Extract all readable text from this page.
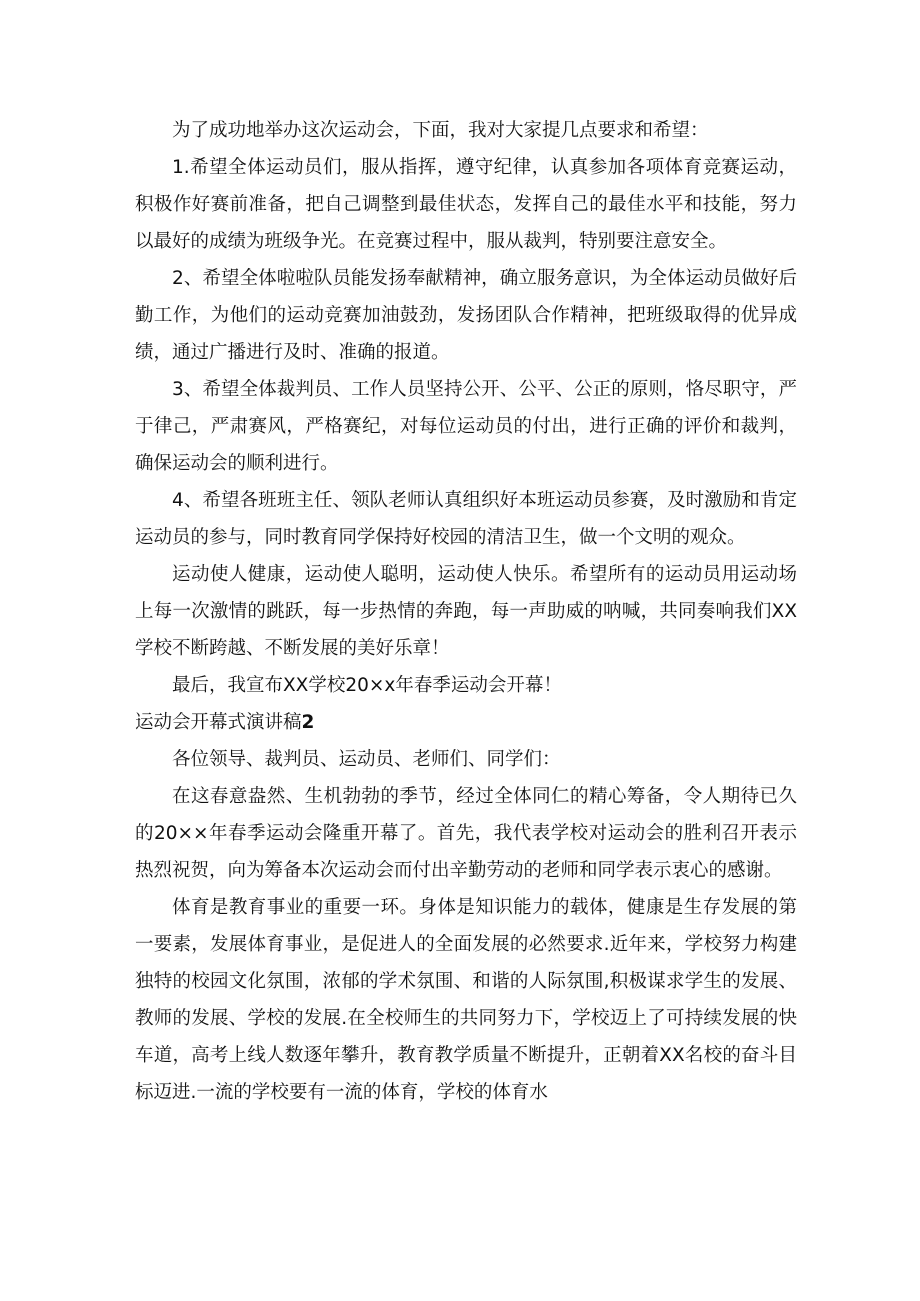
为了成功地举办这次运动会，下面，我对大家提几点要求和希望：

1.希望全体运动员们，服从指挥，遵守纪律，认真参加各项体育竞赛运动，积极作好赛前准备，把自己调整到最佳状态，发挥自己的最佳水平和技能，努力以最好的成绩为班级争光。在竞赛过程中，服从裁判，特别要注意安全。

2、希望全体啦啦队员能发扬奉献精神，确立服务意识，为全体运动员做好后勤工作，为他们的运动竞赛加油鼓劲，发扬团队合作精神，把班级取得的优异成绩，通过广播进行及时、准确的报道。

3、希望全体裁判员、工作人员坚持公开、公平、公正的原则，恪尽职守，严于律己，严肃赛风，严格赛纪，对每位运动员的付出，进行正确的评价和裁判，确保运动会的顺利进行。

4、希望各班班主任、领队老师认真组织好本班运动员参赛，及时激励和肯定运动员的参与，同时教育同学保持好校园的清洁卫生，做一个文明的观众。

运动使人健康，运动使人聪明，运动使人快乐。希望所有的运动员用运动场上每一次激情的跳跃，每一步热情的奔跑，每一声助威的呐喊，共同奏响我们XX学校不断跨越、不断发展的美好乐章！

最后，我宣布XX学校20×x年春季运动会开幕！

运动会开幕式演讲稿2

各位领导、裁判员、运动员、老师们、同学们：

在这春意盎然、生机勃勃的季节，经过全体同仁的精心筹备，令人期待已久的20××年春季运动会隆重开幕了。首先，我代表学校对运动会的胜利召开表示热烈祝贺，向为筹备本次运动会而付出辛勤劳动的老师和同学表示衷心的感谢。

体育是教育事业的重要一环。身体是知识能力的载体，健康是生存发展的第一要素，发展体育事业，是促进人的全面发展的必然要求.近年来，学校努力构建独特的校园文化氛围，浓郁的学术氛围、和谐的人际氛围,积极谋求学生的发展、教师的发展、学校的发展.在全校师生的共同努力下，学校迈上了可持续发展的快车道，高考上线人数逐年攀升，教育教学质量不断提升，正朝着XX名校的奋斗目标迈进.一流的学校要有一流的体育，学校的体育水
